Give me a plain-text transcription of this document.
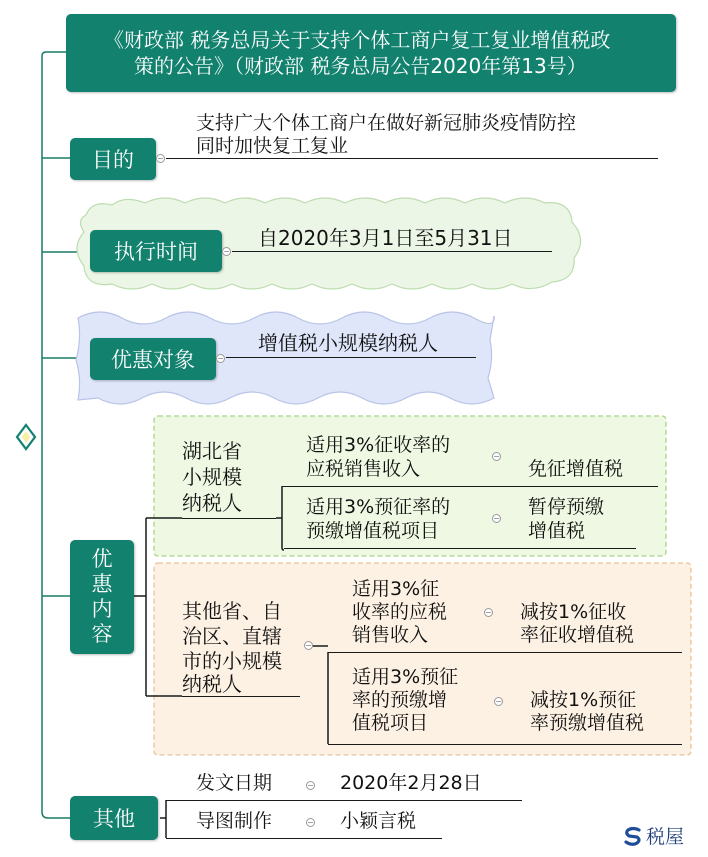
《财政部 税务总局关于支持个体工商户复工复业增值税政
策的公告》（财政部 税务总局公告2020年第13号）
目的	−
支持广大个体工商户在做好新冠肺炎疫情防控
同时加快复工复业
执行时间	−
自2020年3月1日至5月31日
优惠对象	−
增值税小规模纳税人
优
惠
内
容
湖北省
小规模
纳税人
适用3%征收率的
应税销售收入
−
免征增值税
适用3%预征率的
预缴增值税项目
− 暂停预缴
增值税
其他省、自
治区、直辖
市的小规模
纳税人
−
适用3%征
收率的应税
销售收入
− 减按1%征收
率征收增值税
适用3%预征
率的预缴增
值税项目
− 减按1%预征
率预缴增值税
其他
发文日期	− 2020年2月28日
导图制作	− 小颖言税
税屋
